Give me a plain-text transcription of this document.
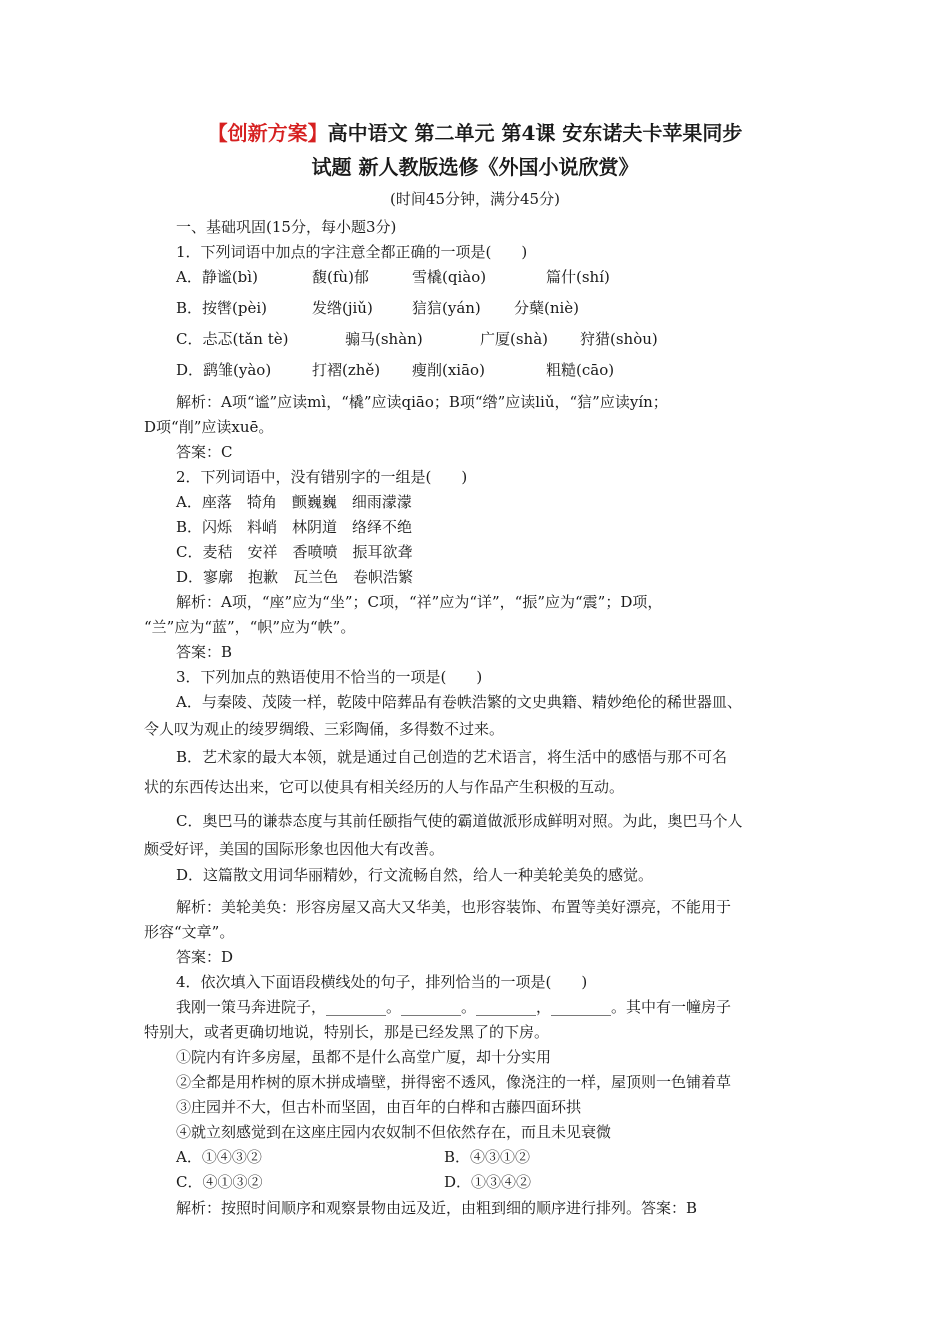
【创新方案】高中语文 第二单元 第4课 安东诺夫卡苹果同步
试题 新人教版选修《外国小说欣赏》
(时间45分钟，满分45分)
一、基础巩固(15分，每小题3分)
1．下列词语中加点的字注意全都正确的一项是(　　)
A．静谧(bì)	馥(fù)郁	雪橇(qiào)	篇什(shí)
B．按辔(pèi)	发绺(jiǔ)	狺狺(yán) 分蘖(niè)
C．忐忑(tǎn tè)	骟马(shàn)	广厦(shà) 狩猎(shòu)
D．鹞雏(yào)	打褶(zhě) 瘦削(xiāo)	粗糙(cāo)
解析：A项“谧”应读mì，“橇”应读qiāo；B项“绺”应读liǔ，“狺”应读yín；
D项“削”应读xuē。
答案：C
2．下列词语中，没有错别字的一组是(　　)
A．座落　犄角　颤巍巍　细雨濛濛
B．闪烁　料峭　林阴道　络绎不绝
C．麦秸　安祥　香喷喷　振耳欲聋
D．寥廓　抱歉　瓦兰色　卷帜浩繁
解析：A项，“座”应为“坐”；C项，“祥”应为“详”，“振”应为“震”；D项，
“兰”应为“蓝”，“帜”应为“帙”。
答案：B
3．下列加点的熟语使用不恰当的一项是(　　)
A．与秦陵、茂陵一样，乾陵中陪葬品有卷帙浩繁的文史典籍、精妙绝伦的稀世器皿、
令人叹为观止的绫罗绸缎、三彩陶俑，多得数不过来。
B．艺术家的最大本领，就是通过自己创造的艺术语言，将生活中的感悟与那不可名
状的东西传达出来，它可以使具有相关经历的人与作品产生积极的互动。
C．奥巴马的谦恭态度与其前任颐指气使的霸道做派形成鲜明对照。为此，奥巴马个人
颇受好评，美国的国际形象也因他大有改善。
D．这篇散文用词华丽精妙，行文流畅自然，给人一种美轮美奂的感觉。
解析：美轮美奂：形容房屋又高大又华美，也形容装饰、布置等美好漂亮，不能用于
形容“文章”。
答案：D
4．依次填入下面语段横线处的句子，排列恰当的一项是(　　)
我刚一策马奔进院子，________。________。________，________。其中有一幢房子
特别大，或者更确切地说，特别长，那是已经发黑了的下房。
①院内有许多房屋，虽都不是什么高堂广厦，却十分实用
②全都是用柞树的原木拼成墙壁，拼得密不透风，像浇注的一样，屋顶则一色铺着草
③庄园并不大，但古朴而坚固，由百年的白桦和古藤四面环拱
④就立刻感觉到在这座庄园内农奴制不但依然存在，而且未见衰微
A．①④③②	B．④③①②
C．④①③②	D．①③④②
解析：按照时间顺序和观察景物由远及近，由粗到细的顺序进行排列。答案：B
